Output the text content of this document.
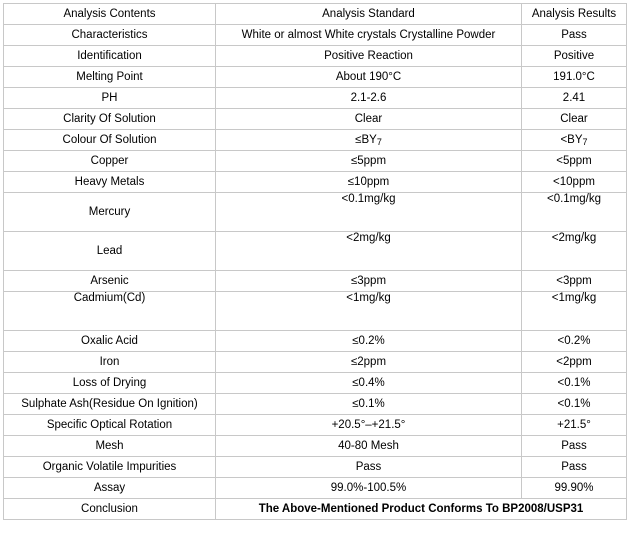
Analysis Contents	Analysis Standard	Analysis Results
Characteristics	White or almost White crystals Crystalline Powder	Pass
Identification	Positive Reaction	Positive
Melting Point	About 190°C	191.0°C
PH	2.1-2.6	2.41
Clarity Of Solution	Clear	Clear
Colour Of Solution	$\le BY_7$	$<BY_7$
Copper	≤5ppm	<5ppm
Heavy Metals	≤10ppm	<10ppm
Mercury	<0.1mg/kg	<0.1mg/kg
Lead	<2mg/kg	<2mg/kg
Arsenic	≤3ppm	<3ppm
Cadmium(Cd)	<1mg/kg	<1mg/kg
Oxalic Acid	≤0.2%	<0.2%
Iron	≤2ppm	<2ppm
Loss of Drying	≤0.4%	<0.1%
Sulphate Ash(Residue On Ignition)	≤0.1%	<0.1%
Specific Optical Rotation	+20.5°–+21.5°	+21.5°
Mesh	40-80 Mesh	Pass
Organic Volatile Impurities	Pass	Pass
Assay	99.0%-100.5%	99.90%
Conclusion	The Above-Mentioned Product Conforms To BP2008/USP31	
